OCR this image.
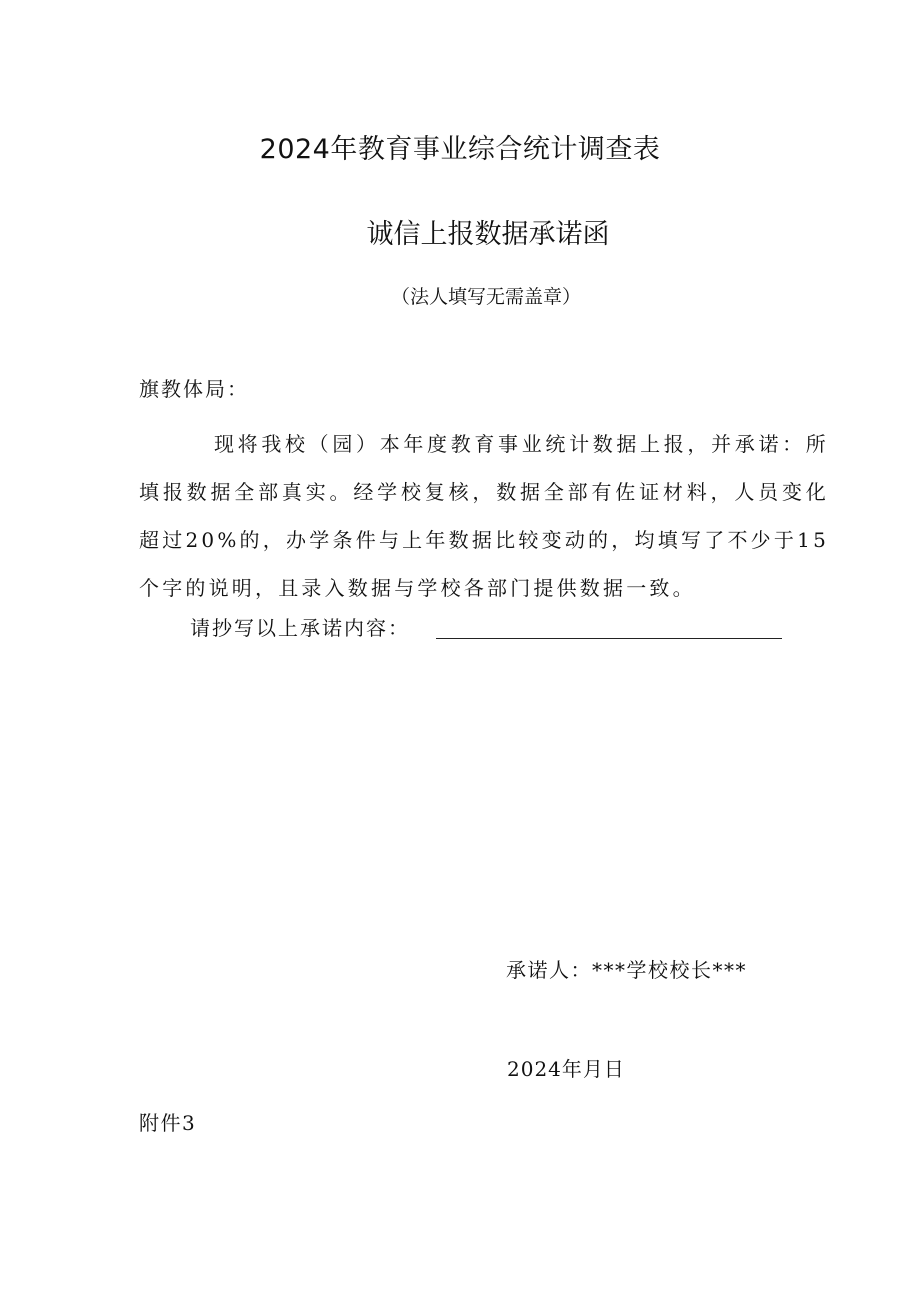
2024年教育事业综合统计调查表
诚信上报数据承诺函
（法人填写无需盖章）
旗教体局：

现将我校（园）本年度教育事业统计数据上报，并承诺：所填报数据全部真实。经学校复核，数据全部有佐证材料，人员变化超过20%的，办学条件与上年数据比较变动的，均填写了不少于15个字的说明，且录入数据与学校各部门提供数据一致。

请抄写以上承诺内容：
承诺人：***学校校长***
2024年月日
附件3
